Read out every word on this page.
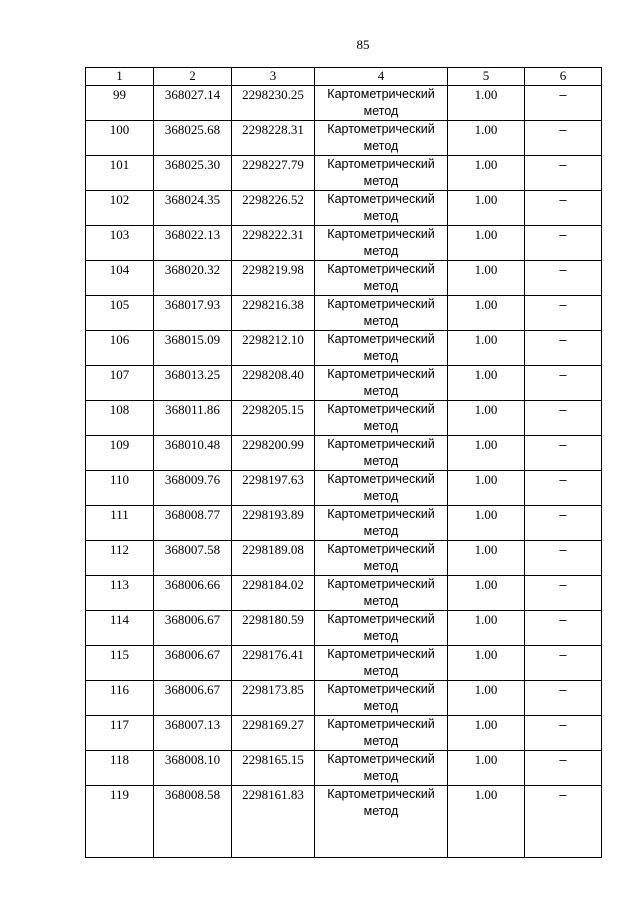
85
1	2	3	4	5	6
99	368027.14	2298230.25	Картометрический метод	1.00	–
100	368025.68	2298228.31	Картометрический метод	1.00	–
101	368025.30	2298227.79	Картометрический метод	1.00	–
102	368024.35	2298226.52	Картометрический метод	1.00	–
103	368022.13	2298222.31	Картометрический метод	1.00	–
104	368020.32	2298219.98	Картометрический метод	1.00	–
105	368017.93	2298216.38	Картометрический метод	1.00	–
106	368015.09	2298212.10	Картометрический метод	1.00	–
107	368013.25	2298208.40	Картометрический метод	1.00	–
108	368011.86	2298205.15	Картометрический метод	1.00	–
109	368010.48	2298200.99	Картометрический метод	1.00	–
110	368009.76	2298197.63	Картометрический метод	1.00	–
111	368008.77	2298193.89	Картометрический метод	1.00	–
112	368007.58	2298189.08	Картометрический метод	1.00	–
113	368006.66	2298184.02	Картометрический метод	1.00	–
114	368006.67	2298180.59	Картометрический метод	1.00	–
115	368006.67	2298176.41	Картометрический метод	1.00	–
116	368006.67	2298173.85	Картометрический метод	1.00	–
117	368007.13	2298169.27	Картометрический метод	1.00	–
118	368008.10	2298165.15	Картометрический метод	1.00	–
119	368008.58	2298161.83	Картометрический метод	1.00	–
